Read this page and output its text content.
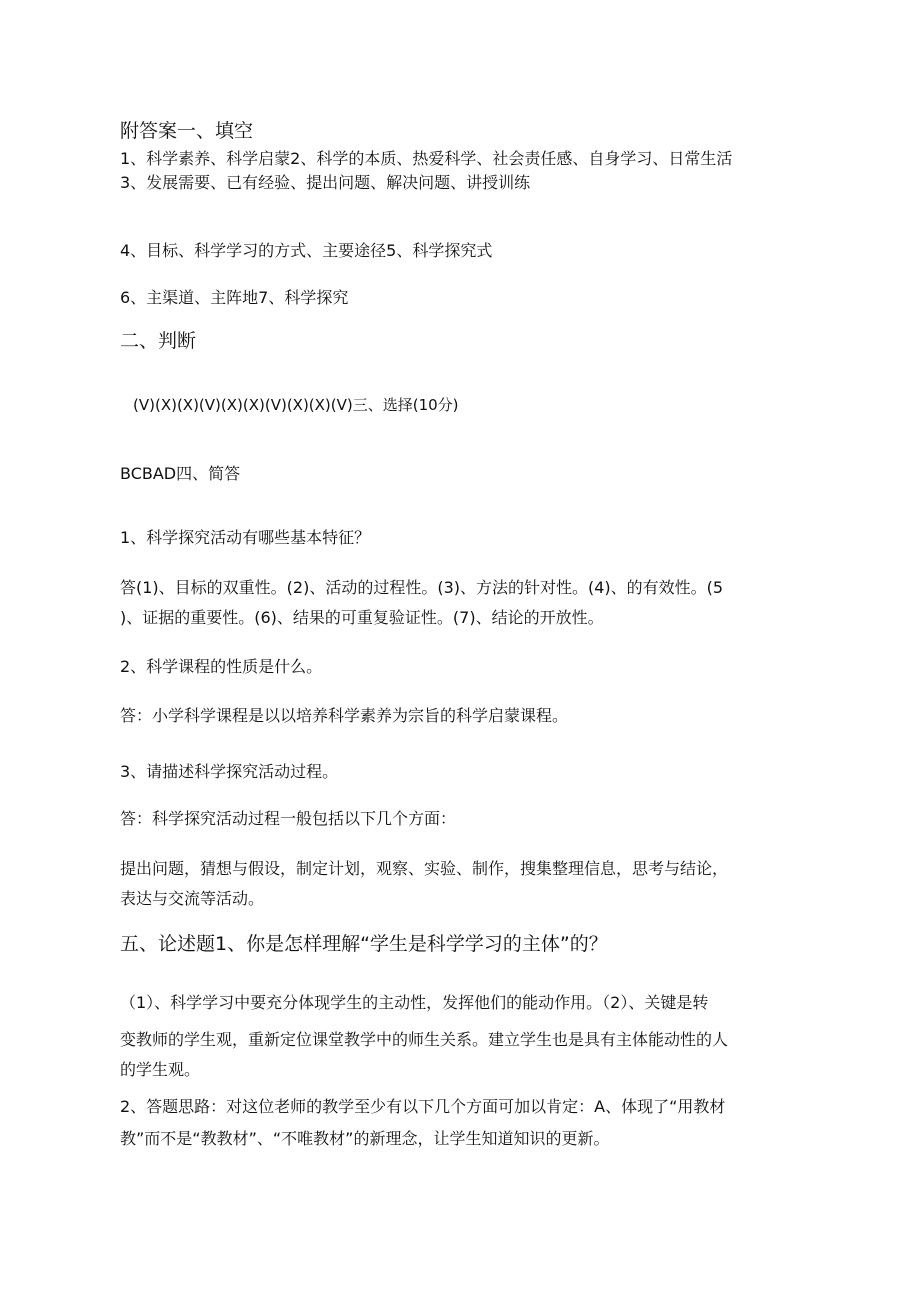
附答案一、填空
1、科学素养、科学启蒙2、科学的本质、热爱科学、社会责任感、自身学习、日常生活
3、发展需要、已有经验、提出问题、解决问题、讲授训练
4、目标、科学学习的方式、主要途径5、科学探究式
6、主渠道、主阵地7、科学探究
二、判断
(V)(X)(X)(V)(X)(X)(V)(X)(X)(V)三、选择(10分)
BCBAD四、简答
1、科学探究活动有哪些基本特征？
答(1)、目标的双重性。(2)、活动的过程性。(3)、方法的针对性。(4)、的有效性。(5
)、证据的重要性。(6)、结果的可重复验证性。(7)、结论的开放性。
2、科学课程的性质是什么。
答：小学科学课程是以以培养科学素养为宗旨的科学启蒙课程。
3、请描述科学探究活动过程。
答：科学探究活动过程一般包括以下几个方面：
提出问题，猜想与假设，制定计划，观察、实验、制作，搜集整理信息，思考与结论，
表达与交流等活动。
五、论述题1、你是怎样理解“学生是科学学习的主体”的？
（1）、科学学习中要充分体现学生的主动性，发挥他们的能动作用。（2）、关键是转
变教师的学生观，重新定位课堂教学中的师生关系。建立学生也是具有主体能动性的人
的学生观。
2、答题思路：对这位老师的教学至少有以下几个方面可加以肯定：A、体现了“用教材
教”而不是“教教材”、“不唯教材”的新理念，让学生知道知识的更新。
